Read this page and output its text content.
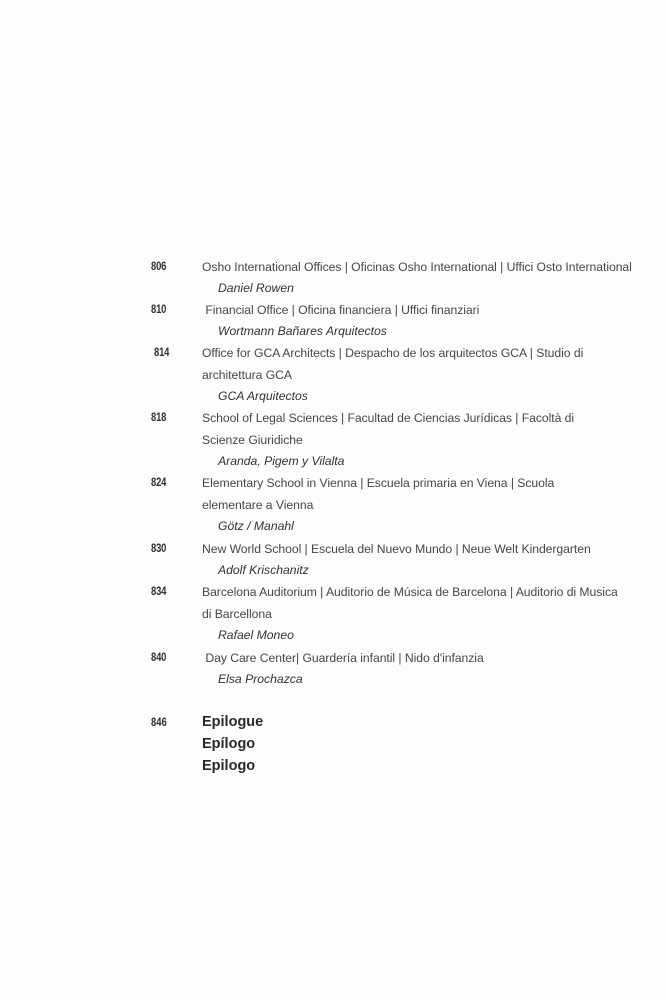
806	Osho International Offices | Oficinas Osho International | Uffici Osto International
Daniel Rowen
810	Financial Office | Oficina financiera | Uffici finanziari
Wortmann Bañares Arquitectos
814	Office for GCA Architects | Despacho de los arquitectos GCA | Studio di architettura GCA
GCA Arquitectos
818	School of Legal Sciences | Facultad de Ciencias Jurídicas | Facoltà di Scienze Giuridiche
Aranda, Pigem y Vilalta
824	Elementary School in Vienna | Escuela primaria en Viena | Scuola elementare a Vienna
Götz / Manahl
830	New World School | Escuela del Nuevo Mundo | Neue Welt Kindergarten
Adolf Krischanitz
834	Barcelona Auditorium | Auditorio de Música de Barcelona | Auditorio di Musica di Barcellona
Rafael Moneo
840	Day Care Center| Guardería infantil | Nido d'infanzia
Elsa Prochazca
846 Epilogue
Epílogo
Epilogo
